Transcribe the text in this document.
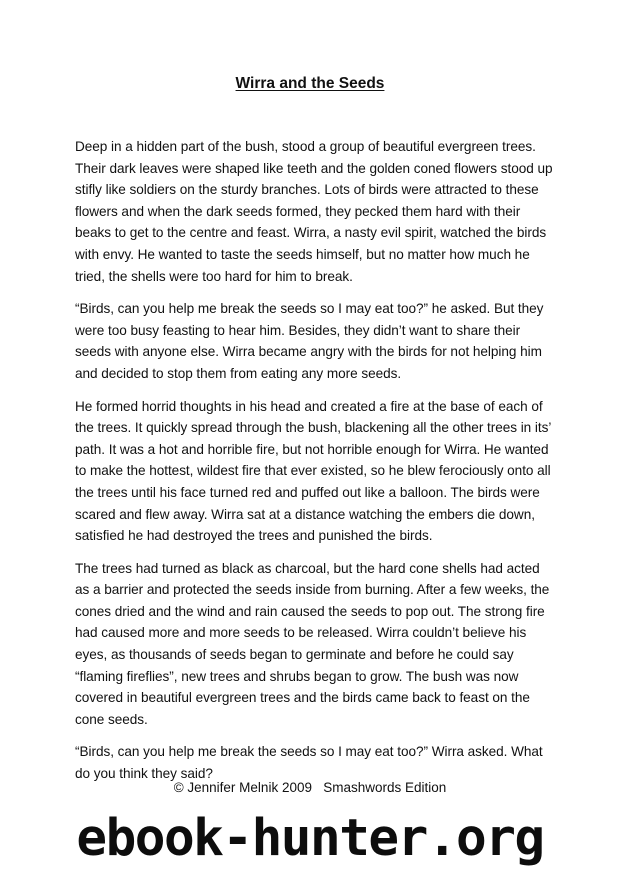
Wirra and the Seeds

Deep in a hidden part of the bush, stood a group of beautiful evergreen trees. Their dark leaves were shaped like teeth and the golden coned flowers stood up stifly like soldiers on the sturdy branches. Lots of birds were attracted to these flowers and when the dark seeds formed, they pecked them hard with their beaks to get to the centre and feast. Wirra, a nasty evil spirit, watched the birds with envy. He wanted to taste the seeds himself, but no matter how much he tried, the shells were too hard for him to break.

“Birds, can you help me break the seeds so I may eat too?” he asked. But they were too busy feasting to hear him. Besides, they didn’t want to share their seeds with anyone else. Wirra became angry with the birds for not helping him and decided to stop them from eating any more seeds.

He formed horrid thoughts in his head and created a fire at the base of each of the trees. It quickly spread through the bush, blackening all the other trees in its’ path. It was a hot and horrible fire, but not horrible enough for Wirra. He wanted to make the hottest, wildest fire that ever existed, so he blew ferociously onto all the trees until his face turned red and puffed out like a balloon. The birds were scared and flew away. Wirra sat at a distance watching the embers die down, satisfied he had destroyed the trees and punished the birds.

The trees had turned as black as charcoal, but the hard cone shells had acted as a barrier and protected the seeds inside from burning. After a few weeks, the cones dried and the wind and rain caused the seeds to pop out. The strong fire had caused more and more seeds to be released. Wirra couldn’t believe his eyes, as thousands of seeds began to germinate and before he could say “flaming fireflies”, new trees and shrubs began to grow. The bush was now covered in beautiful evergreen trees and the birds came back to feast on the cone seeds.

“Birds, can you help me break the seeds so I may eat too?” Wirra asked. What do you think they said?

© Jennifer Melnik 2009   Smashwords Edition
ebook-hunter.org
